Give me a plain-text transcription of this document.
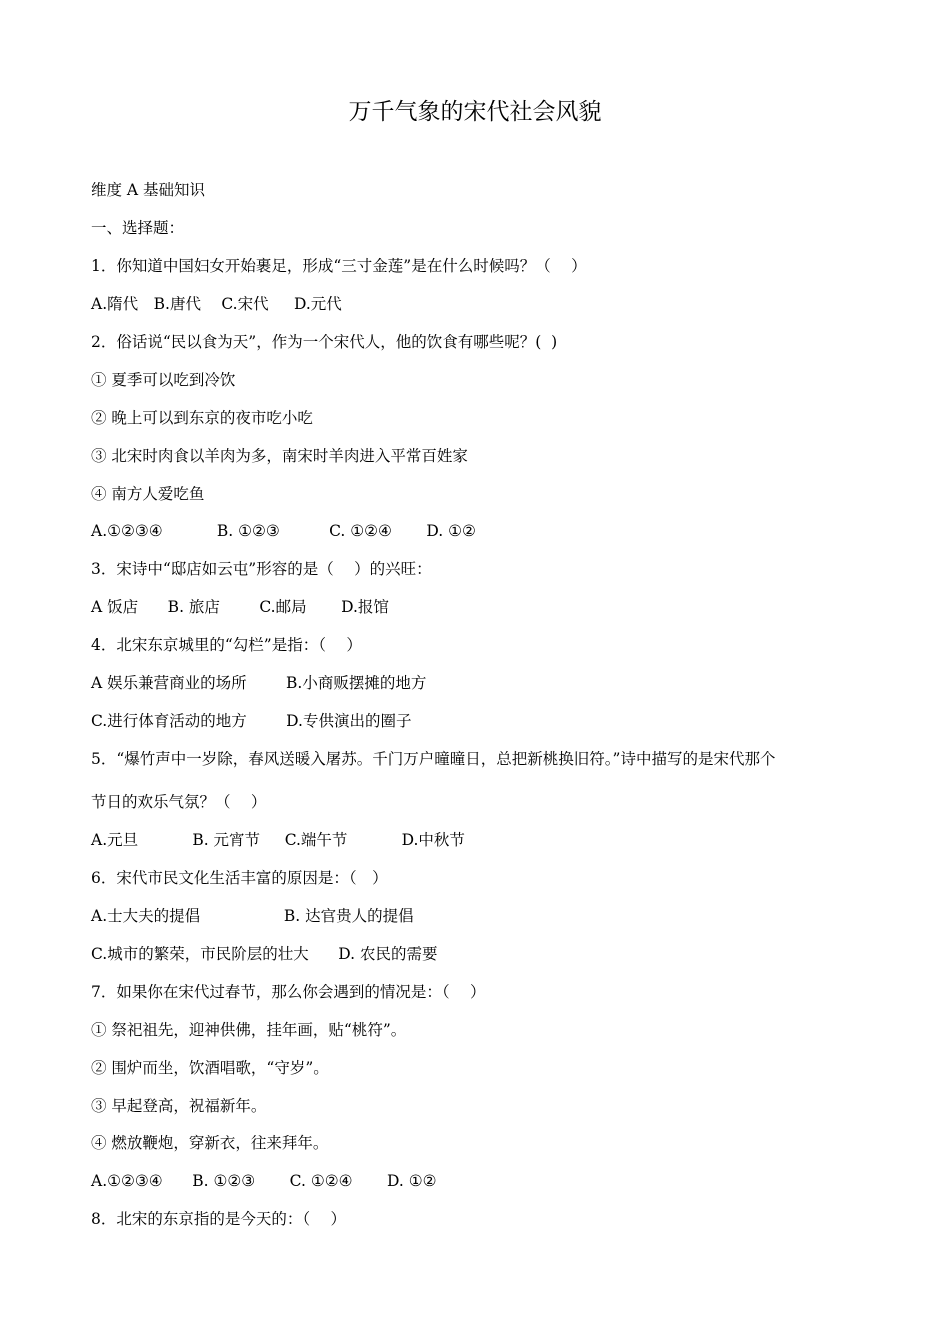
万千气象的宋代社会风貌
维度 A 基础知识
一、选择题：
1．你知道中国妇女开始裹足，形成“三寸金莲”是在什么时候吗？（　 ）
A.隋代　B.唐代　 C.宋代　  D.元代
2．俗话说“民以食为天”，作为一个宋代人，他的饮食有哪些呢？(  )
① 夏季可以吃到冷饮
② 晚上可以到东京的夜市吃小吃
③ 北宋时肉食以羊肉为多，南宋时羊肉进入平常百姓家
④ 南方人爱吃鱼
A.①②③④           B. ①②③          C. ①②④       D. ①②
3．宋诗中“邸店如云屯”形容的是（　 ）的兴旺：
A 饭店      B. 旅店        C.邮局       D.报馆
4．北宋东京城里的“勾栏”是指：（　 ）
A 娱乐兼营商业的场所        B.小商贩摆摊的地方
C.进行体育活动的地方        D.专供演出的圈子
5．“爆竹声中一岁除，春风送暖入屠苏。千门万户曈曈日，总把新桃换旧符。”诗中描写的是宋代那个
节日的欢乐气氛？（　 ）
A.元旦           B. 元宵节     C.端午节           D.中秋节
6．宋代市民文化生活丰富的原因是：（　）
A.士大夫的提倡                 B. 达官贵人的提倡
C.城市的繁荣，市民阶层的壮大      D. 农民的需要
7．如果你在宋代过春节，那么你会遇到的情况是：（　 ）
① 祭祀祖先，迎神供佛，挂年画，贴“桃符”。
② 围炉而坐，饮酒唱歌，“守岁”。
③ 早起登高，祝福新年。
④ 燃放鞭炮，穿新衣，往来拜年。
A.①②③④      B. ①②③       C. ①②④       D. ①②
8．北宋的东京指的是今天的：（　 ）
